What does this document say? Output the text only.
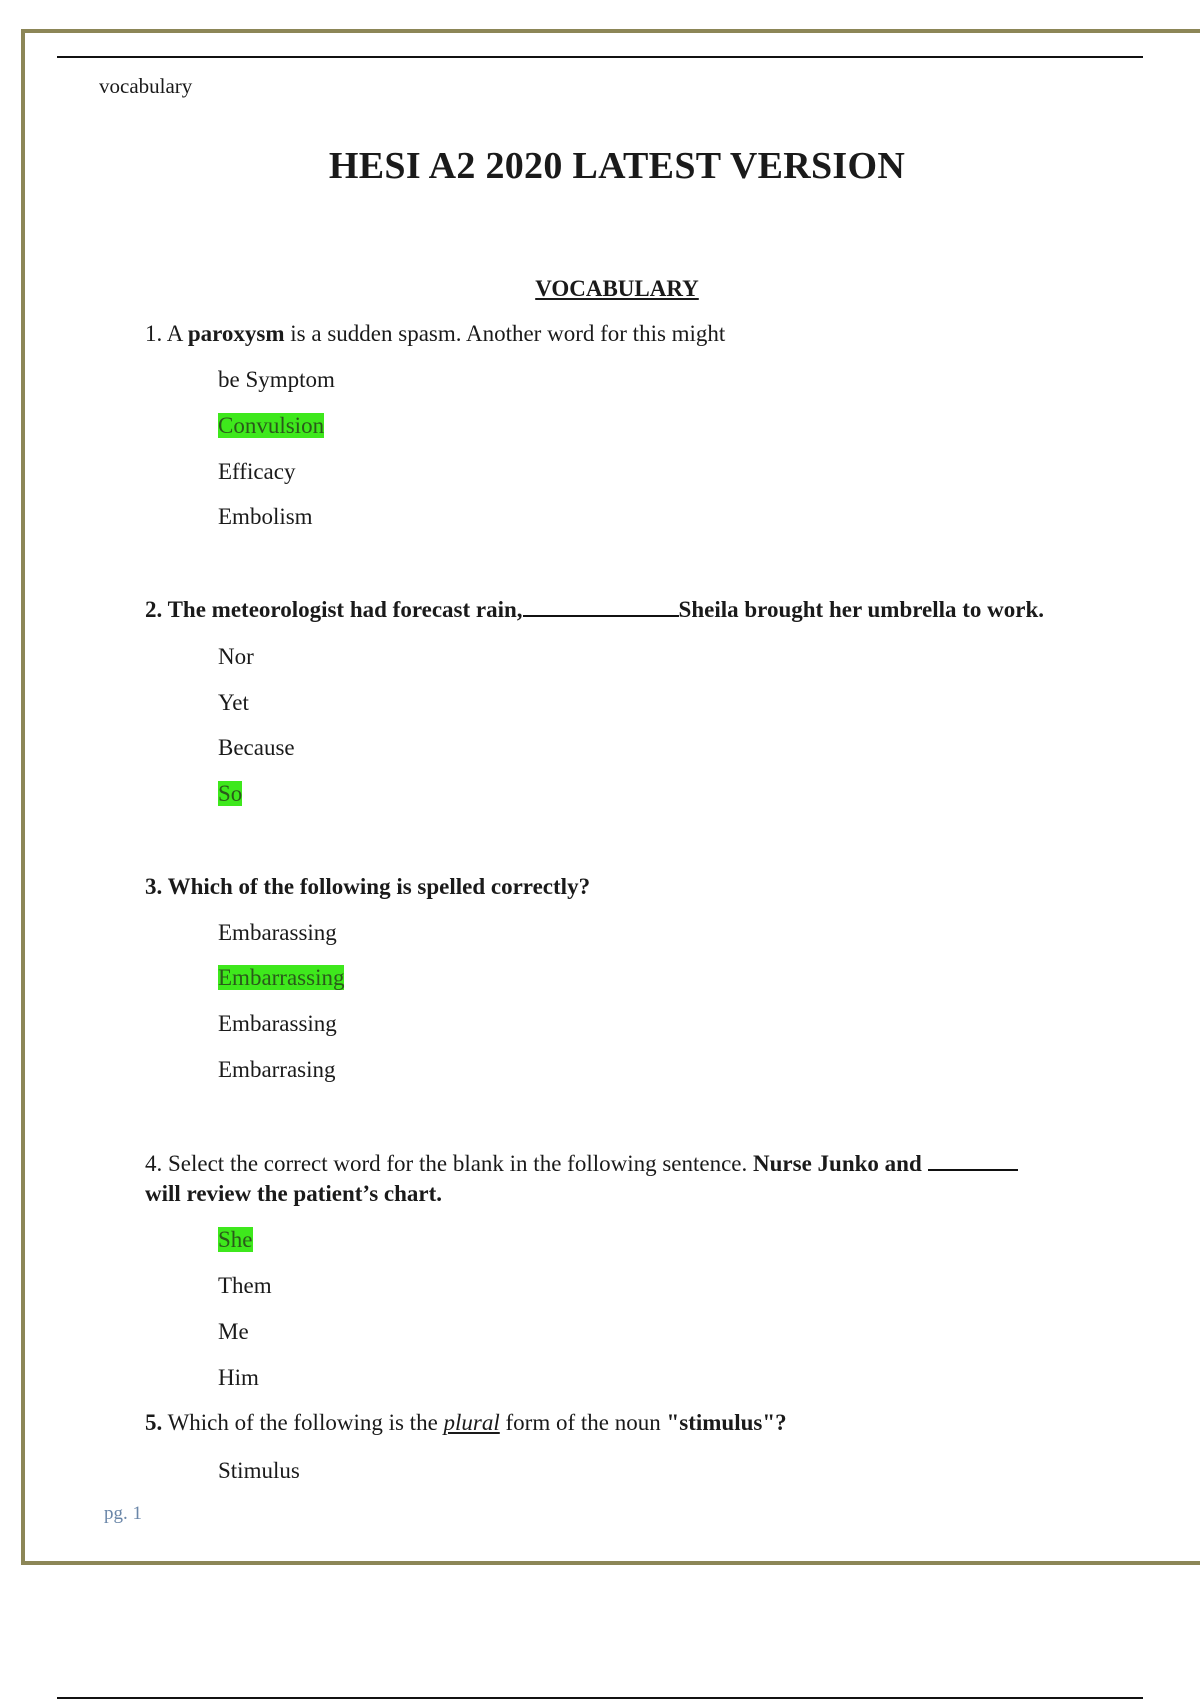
vocabulary
HESI A2 2020 LATEST VERSION
VOCABULARY
1. A paroxysm is a sudden spasm. Another word for this might
be Symptom
Convulsion
Efficacy
Embolism
2. The meteorologist had forecast rain,	Sheila brought her umbrella to work.
Nor
Yet
Because
So
3. Which of the following is spelled correctly?
Embarassing
Embarrassing
Embarassing
Embarrasing
4. Select the correct word for the blank in the following sentence. Nurse Junko and
will review the patient’s chart.
She
Them
Me
Him
5. Which of the following is the plural form of the noun "stimulus"?
Stimulus
pg. 1
